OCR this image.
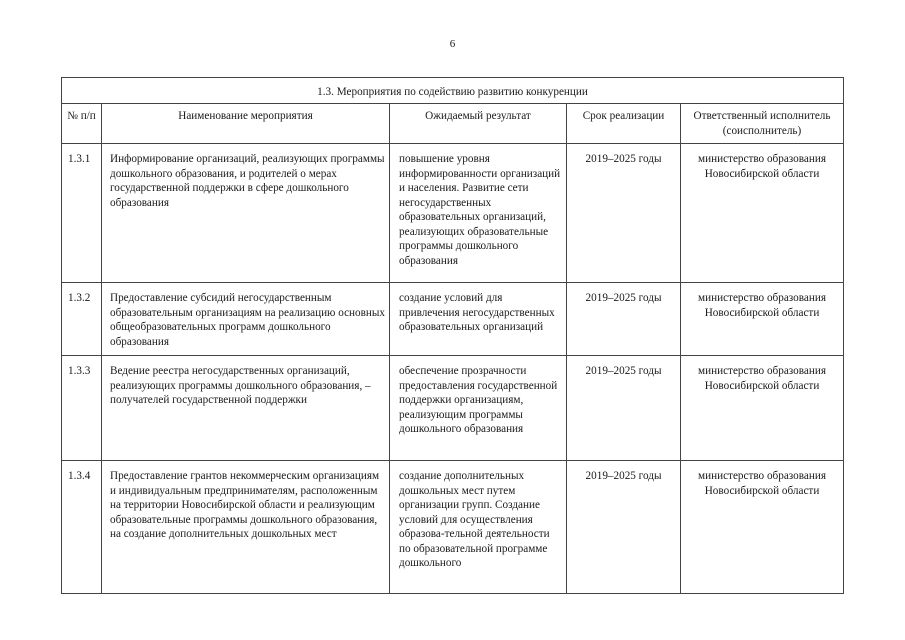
6
1.3. Мероприятия по содействию развитию конкуренции				
№ п/п	Наименование мероприятия	Ожидаемый результат	Срок реализации	Ответственный исполнитель (соисполнитель)
1.3.1	Информирование организаций, реализующих программы дошкольного образования, и родителей о мерах государственной поддержки в сфере дошкольного образования	повышение уровня информированности организаций и населения. Развитие сети негосударственных образовательных организаций, реализующих образовательные программы дошкольного образования	2019–2025 годы	министерство образования Новосибирской области
1.3.2	Предоставление субсидий негосударственным образовательным организациям на реализацию основных общеобразовательных программ дошкольного образования	создание условий для привлечения негосударственных образовательных организаций	2019–2025 годы	министерство образования Новосибирской области
1.3.3	Ведение реестра негосударственных организаций, реализующих программы дошкольного образования, – получателей государственной поддержки	обеспечение прозрачности предоставления государственной поддержки организациям, реализующим программы дошкольного образования	2019–2025 годы	министерство образования Новосибирской области
1.3.4	Предоставление грантов некоммерческим организациям и индивидуальным предпринимателям, расположенным на территории Новосибирской области и реализующим образовательные программы дошкольного образования, на создание дополнительных дошкольных мест	создание дополнительных дошкольных мест путем организации групп. Создание условий для осуществления образова-тельной деятельности по образовательной программе дошкольного	2019–2025 годы	министерство образования Новосибирской области
